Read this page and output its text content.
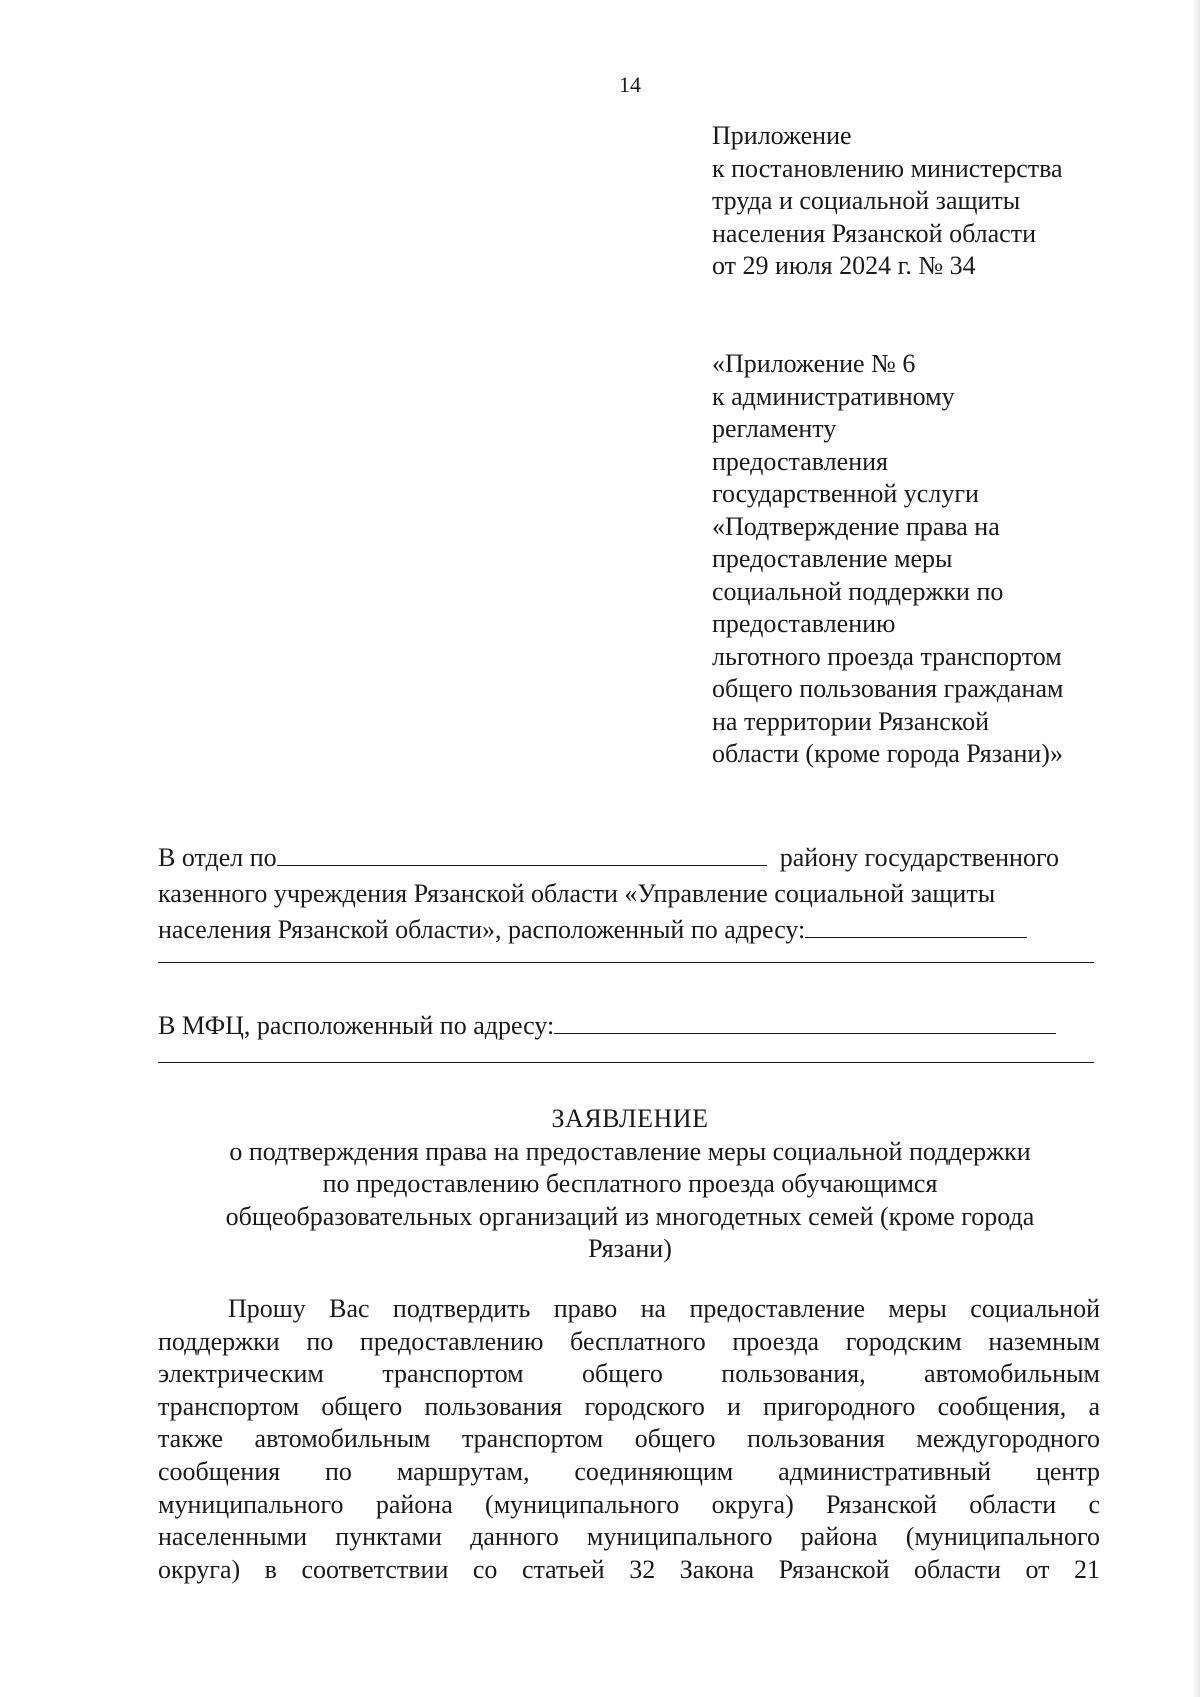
14
Приложение
к постановлению министерства
труда и социальной защиты
населения Рязанской области
от 29 июля 2024 г. № 34
«Приложение № 6
к административному
регламенту
предоставления
государственной услуги
«Подтверждение права на
предоставление меры
социальной поддержки по
предоставлению
льготного проезда транспортом
общего пользования гражданам
на территории Рязанской
области (кроме города Рязани)»
В отдел по	району государственного
казенного учреждения Рязанской области «Управление социальной защиты
населения Рязанской области», расположенный по адресу:
В МФЦ, расположенный по адресу:
ЗАЯВЛЕНИЕ
о подтверждения права на предоставление меры социальной поддержки
по предоставлению бесплатного проезда обучающимся
общеобразовательных организаций из многодетных семей (кроме города
Рязани)
Прошу Вас подтвердить право на предоставление меры социальной
поддержки по предоставлению бесплатного проезда городским наземным
электрическим транспортом общего пользования, автомобильным
транспортом общего пользования городского и пригородного сообщения, а
также автомобильным транспортом общего пользования междугородного
сообщения по маршрутам, соединяющим административный центр
муниципального района (муниципального округа) Рязанской области с
населенными пунктами данного муниципального района (муниципального
округа) в соответствии со статьей 32 Закона Рязанской области от 21
